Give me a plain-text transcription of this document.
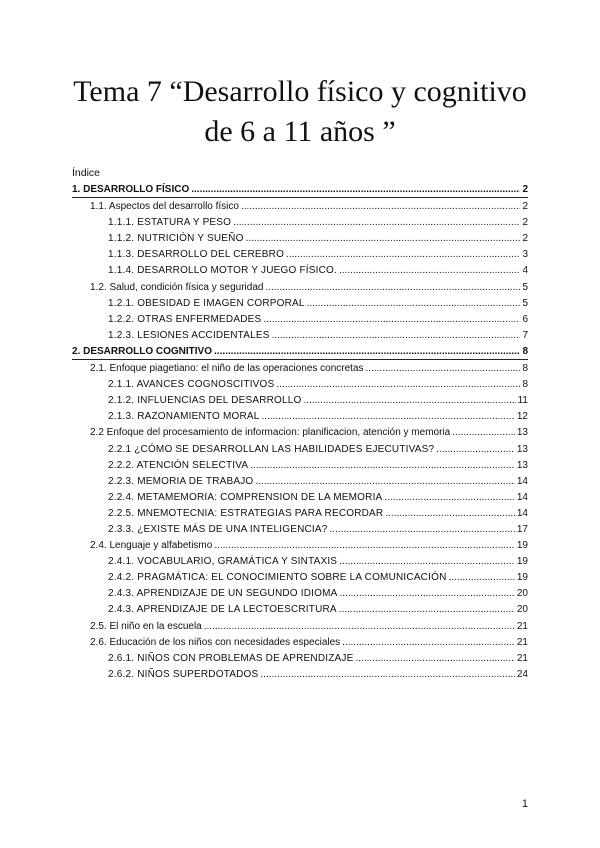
Tema 7 “Desarrollo físico y cognitivo
de 6 a 11 años ”

Índice

1. DESARROLLO FÍSICO .....	2
1.1. Aspectos del desarrollo físico .....	2
1.1.1. ESTATURA Y PESO .....	2
1.1.2. NUTRICIÓN Y SUEÑO .....	2
1.1.3. DESARROLLO DEL CEREBRO .....	3
1.1.4. DESARROLLO MOTOR Y JUEGO FÍSICO. .....	4
1.2. Salud, condición física y seguridad .....	5
1.2.1. OBESIDAD E IMAGEN CORPORAL .....	5
1.2.2. OTRAS ENFERMEDADES .....	6
1.2.3. LESIONES ACCIDENTALES .....	7
2. DESARROLLO COGNITIVO .....	8
2.1. Enfoque piagetiano: el niño de las operaciones concretas .....	8
2.1.1. AVANCES COGNOSCITIVOS .....	8
2.1.2. INFLUENCIAS DEL DESARROLLO .....	11
2.1.3. RAZONAMIENTO MORAL .....	12
2.2 Enfoque del procesamiento de informacion: planificacion, atención y memoria .....	13
2.2.1 ¿CÓMO SE DESARROLLAN LAS HABILIDADES EJECUTIVAS? .....	13
2.2.2. ATENCIÓN SELECTIVA .....	13
2.2.3. MEMORIA DE TRABAJO .....	14
2.2.4. METAMEMORIA: COMPRENSION DE LA MEMORIA .....	14
2.2.5. MNEMOTECNIA: ESTRATEGIAS PARA RECORDAR .....	14
2.3.3. ¿EXISTE MÁS DE UNA INTELIGENCIA? .....	17
2.4. Lenguaje y alfabetismo .....	19
2.4.1. VOCABULARIO, GRAMÁTICA Y SINTAXIS .....	19
2.4.2. PRAGMÁTICA: EL CONOCIMIENTO SOBRE LA COMUNICACIÓN .....	19
2.4.3. APRENDIZAJE DE UN SEGUNDO IDIOMA .....	20
2.4.3. APRENDIZAJE DE LA LECTOESCRITURA .....	20
2.5. El niño en la escuela .....	21
2.6. Educación de los niños con necesidades especiales .....	21
2.6.1. NIÑOS CON PROBLEMAS DE APRENDIZAJE .....	21
2.6.2. NIÑOS SUPERDOTADOS .....	24
1
